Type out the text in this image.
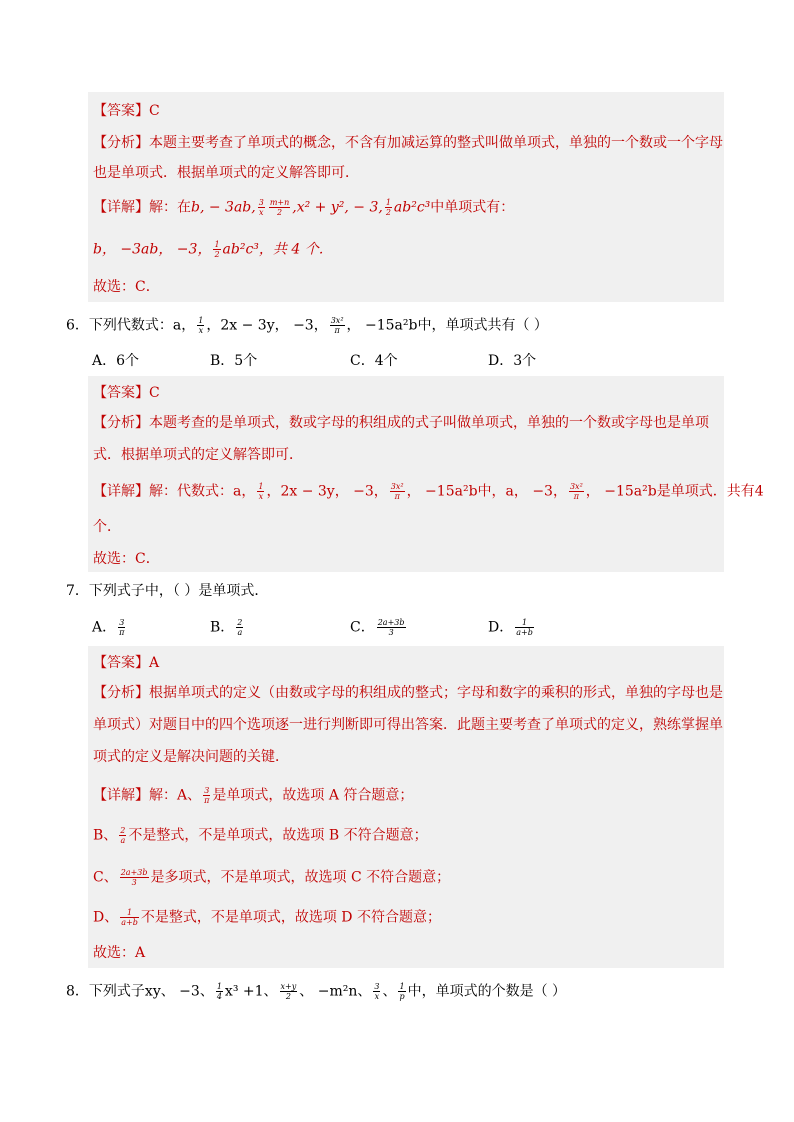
【答案】C
【分析】本题主要考查了单项式的概念，不含有加减运算的整式叫做单项式，单独的一个数或一个字母
也是单项式．根据单项式的定义解答即可．
【详解】解：在b, − 3ab, $\frac{3}{x} \frac{m+n}{2} ,x^2 + y^2$, − 3, $\frac{1}{2} ab^2c^3$中单项式有：
b， −3ab， −3， $\frac{1}{2} ab^2c^3$，共 4 个．
故选：C．
6．下列代数式：a， $\frac{1}{x}$ ，2x − 3y， −3， $\frac{\text{3x²}}{\pi}$ ， −15a²b中，单项式共有（ ）
A．6个	B．5个	C．4个	D．3个
【答案】C
【分析】本题考查的是单项式，数或字母的积组成的式子叫做单项式，单独的一个数或字母也是单项
式．根据单项式的定义解答即可．
【详解】解：代数式：a， $\frac{1}{x}$ ，2x − 3y， −3， $\frac{\text{3x²}}{\pi}$ ， −15a²b中，a， −3， $\frac{\text{3x²}}{\pi}$ ， −15a²b是单项式．共有4
个．
故选：C．
7．下列式子中，（ ）是单项式．
A． $\frac{3}{\pi}$	B． $\frac{2}{a}$	C． $\frac{2a+3b}{3}$	D． $\frac{1}{a+b}$
【答案】A
【分析】根据单项式的定义（由数或字母的积组成的整式；字母和数字的乘积的形式，单独的字母也是
单项式）对题目中的四个选项逐一进行判断即可得出答案．此题主要考查了单项式的定义，熟练掌握单
项式的定义是解决问题的关键．
【详解】解：A、 $\frac{3}{\pi}$ 是单项式，故选项 A 符合题意；
B、 $\frac{2}{a}$ 不是整式，不是单项式，故选项 B 不符合题意；
C、 $\frac{2a+3b}{3}$ 是多项式，不是单项式，故选项 C 不符合题意；
D、 $\frac{1}{a+b}$ 不是整式，不是单项式，故选项 D 不符合题意；
故选：A
8．下列式子xy、 −3、 $\frac{1}{4} x^3 +1$、 $\frac{x+y}{2}$ 、 −m²n、 $\frac{3}{x}$ 、 $\frac{1}{p}$ 中，单项式的个数是（ ）
